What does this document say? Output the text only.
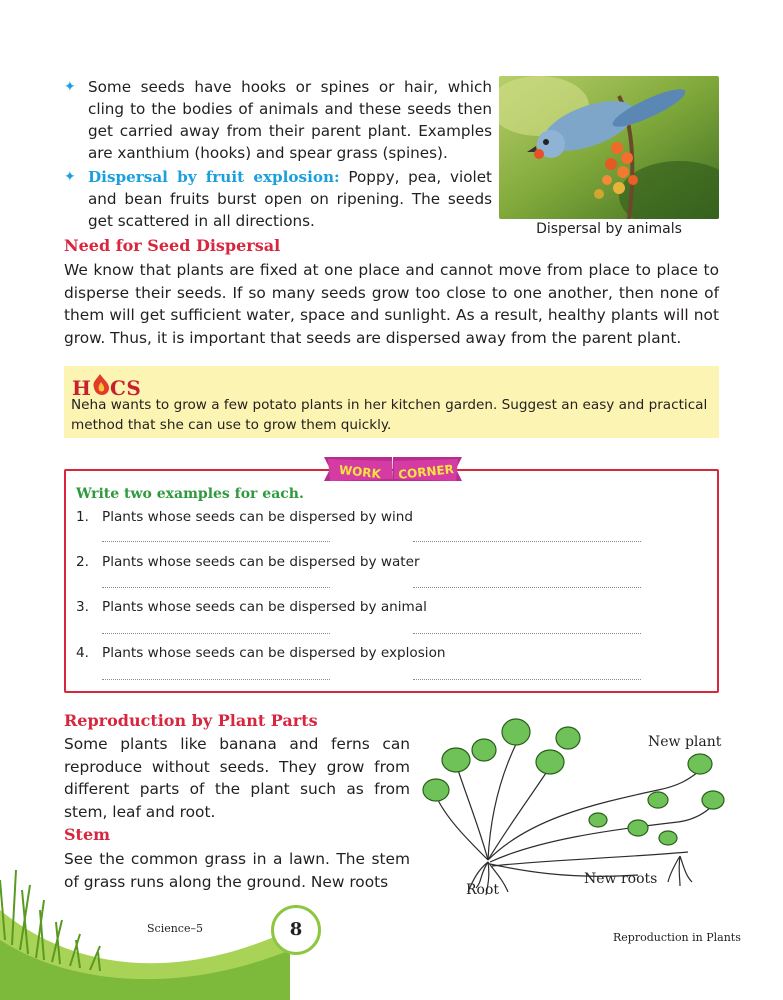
✦ Some seeds have hooks or spines or hair, which cling to the bodies of animals and these seeds then get carried away from their parent plant. Examples are xanthium (hooks) and spear grass (spines).
✦ Dispersal by fruit explosion: Poppy, pea, violet and bean fruits burst open on ripening. The seeds get scattered in all directions.	Dispersal by animals
Need for Seed Dispersal
We know that plants are fixed at one place and cannot move from place to place to disperse their seeds. If so many seeds grow too close to one another, then none of them will get sufficient water, space and sunlight. As a result, healthy plants will not grow. Thus, it is important that seeds are dispersed away from the parent plant.
H CS
Neha wants to grow a few potato plants in her kitchen garden. Suggest an easy and practical method that she can use to grow them quickly.
WORK CORNER
Write two examples for each.
1. Plants whose seeds can be dispersed by wind
2. Plants whose seeds can be dispersed by water
3. Plants whose seeds can be dispersed by animal
4. Plants whose seeds can be dispersed by explosion
Reproduction by Plant Parts
Some plants like banana and ferns can reproduce without seeds. They grow from different parts of the plant such as from stem, leaf and root.
Stem
See the common grass in a lawn. The stem of grass runs along the ground. New roots
New plant
Root
New roots
Science–5	8	Reproduction in Plants
